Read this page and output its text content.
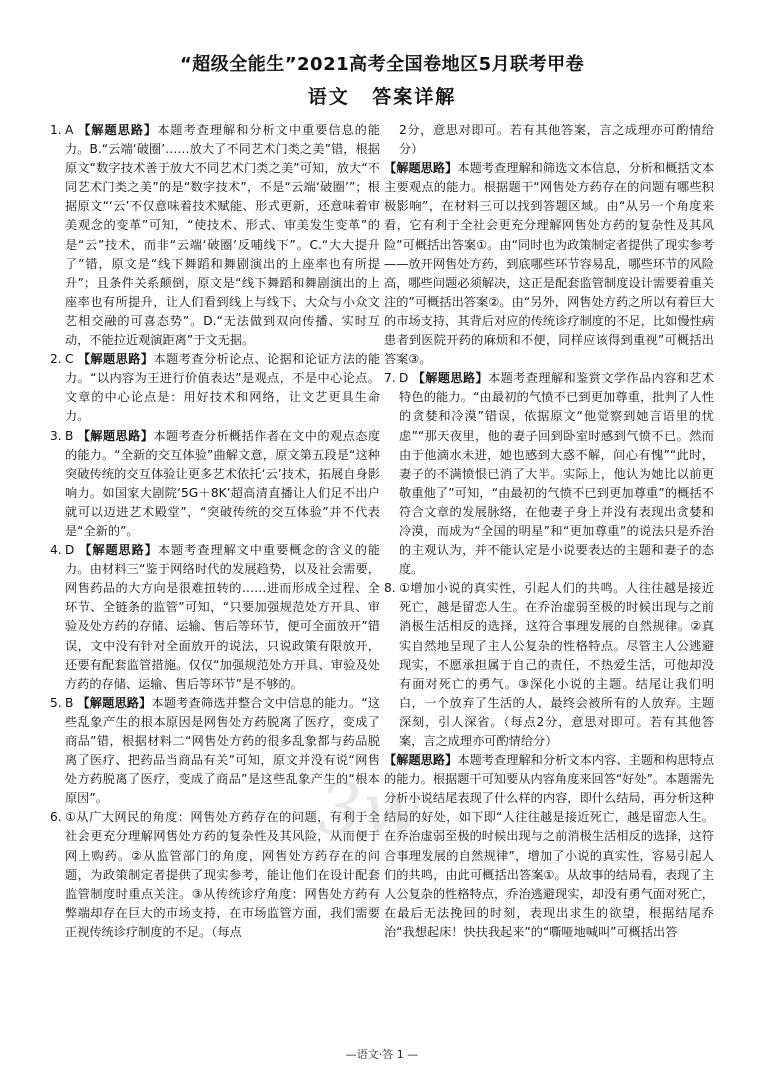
“超级全能生”2021高考全国卷地区5月联考甲卷
语文 答案详解
1. A 【解题思路】本题考查理解和分析文中重要信息的能力。B.“云端‘破圈’……放大了不同艺术门类之美”错，根据原文“数字技术善于放大不同艺术门类之美”可知，放大“不同艺术门类之美”的是“数字技术”，不是“云端‘破圈’”；根据原文“‘云’不仅意味着技术赋能、形式更新，还意味着审美观念的变革”可知，“使技术、形式、审美发生变革”的是“云”技术，而非“云端‘破圈’反哺线下”。C.“大大提升了”错，原文是“线下舞蹈和舞剧演出的上座率也有所提升”；且条件关系颠倒，原文是“线下舞蹈和舞剧演出的上座率也有所提升，让人们看到线上与线下、大众与小众文艺相交融的可喜态势”。D.“无法做到双向传播、实时互动，不能拉近观演距离”于文无据。
2. C 【解题思路】本题考查分析论点、论据和论证方法的能力。“以内容为王进行价值表达”是观点，不是中心论点。文章的中心论点是：用好技术和网络，让文艺更具生命力。
3. B 【解题思路】本题考查分析概括作者在文中的观点态度的能力。“全新的交互体验”曲解文意，原文第五段是“这种突破传统的交互体验让更多艺术依托‘云’技术，拓展自身影响力。如国家大剧院‘5G＋8K’超高清直播让人们足不出户就可以迈进艺术殿堂”，“突破传统的交互体验”并不代表是“全新的”。
4. D 【解题思路】本题考查理解文中重要概念的含义的能力。由材料三“鉴于网络时代的发展趋势，以及社会需要，网售药品的大方向是很难扭转的……进而形成全过程、全环节、全链条的监管”可知，“只要加强规范处方开具、审验及处方药的存储、运输、售后等环节，便可全面放开”错误，文中没有针对全面放开的说法，只说政策有限放开，还要有配套监管措施。仅仅“加强规范处方开具、审验及处方药的存储、运输、售后等环节”是不够的。
5. B 【解题思路】本题考查筛选并整合文中信息的能力。“这些乱象产生的根本原因是网售处方药脱离了医疗，变成了商品”错，根据材料二“网售处方药的很多乱象都与药品脱离了医疗、把药品当商品有关”可知，原文并没有说“网售处方药脱离了医疗，变成了商品”是这些乱象产生的“根本原因”。
6. ①从广大网民的角度：网售处方药存在的问题，有利于全社会更充分理解网售处方药的复杂性及其风险，从而便于网上购药。②从监管部门的角度，网售处方药存在的问题，为政策制定者提供了现实参考，能让他们在设计配套监管制度时重点关注。③从传统诊疗角度：网售处方药有弊端却存在巨大的市场支持，在市场监管方面，我们需要正视传统诊疗制度的不足。（每点
2分，意思对即可。若有其他答案，言之成理亦可酌情给分）
【解题思路】本题考查理解和筛选文本信息，分析和概括文本主要观点的能力。根据题干“网售处方药存在的问题有哪些积极影响”，在材料三可以找到答题区域。由“从另一个角度来看，它有利于全社会更充分理解网售处方药的复杂性及其风险”可概括出答案①。由“同时也为政策制定者提供了现实参考——放开网售处方药，到底哪些环节容易乱，哪些环节的风险高，哪些问题必须解决，这正是配套监管制度设计需要着重关注的”可概括出答案②。由“另外，网售处方药之所以有着巨大的市场支持，其背后对应的传统诊疗制度的不足，比如慢性病患者到医院开药的麻烦和不便，同样应该得到重视”可概括出答案③。
7. D 【解题思路】本题考查理解和鉴赏文学作品内容和艺术特色的能力。“由最初的气愤不已到更加尊重，批判了人性的贪婪和冷漠”错误，依据原文“他觉察到她言语里的忧虑”“那天夜里，他的妻子回到卧室时感到气愤不已。然而由于他滴水未进，她也感到大惑不解，问心有愧”“此时，妻子的不满愤恨已消了大半。实际上，他认为她比以前更敬重他了”可知，“由最初的气愤不已到更加尊重”的概括不符合文章的发展脉络，在他妻子身上并没有表现出贪婪和冷漠，而成为“全国的明星”和“更加尊重”的说法只是乔治的主观认为，并不能认定是小说要表达的主题和妻子的态度。
8. ①增加小说的真实性，引起人们的共鸣。人往往越是接近死亡，越是留恋人生。在乔治虚弱至极的时候出现与之前消极生活相反的选择，这符合事理发展的自然规律。②真实自然地呈现了主人公复杂的性格特点。尽管主人公逃避现实，不愿承担属于自己的责任，不热爱生活，可他却没有面对死亡的勇气。③深化小说的主题。结尾让我们明白，一个放弃了生活的人，最终会被所有的人放弃。主题深刻，引人深省。（每点2分，意思对即可。若有其他答案，言之成理亦可酌情给分）
【解题思路】本题考查理解和分析文本内容、主题和构思特点的能力。根据题干可知要从内容角度来回答“好处”。本题需先分析小说结尾表现了什么样的内容，即什么结局，再分析这种结局的好处，如下即“人往往越是接近死亡，越是留恋人生。在乔治虚弱至极的时候出现与之前消极生活相反的选择，这符合事理发展的自然规律”，增加了小说的真实性，容易引起人们的共鸣，由此可概括出答案①。从故事的结局看，表现了主人公复杂的性格特点，乔治逃避现实，却没有勇气面对死亡，在最后无法挽回的时刻，表现出求生的欲望，根据结尾乔治“我想起床！快扶我起来”的“嘶哑地喊叫”可概括出答
3w
—语文·答 1 —
